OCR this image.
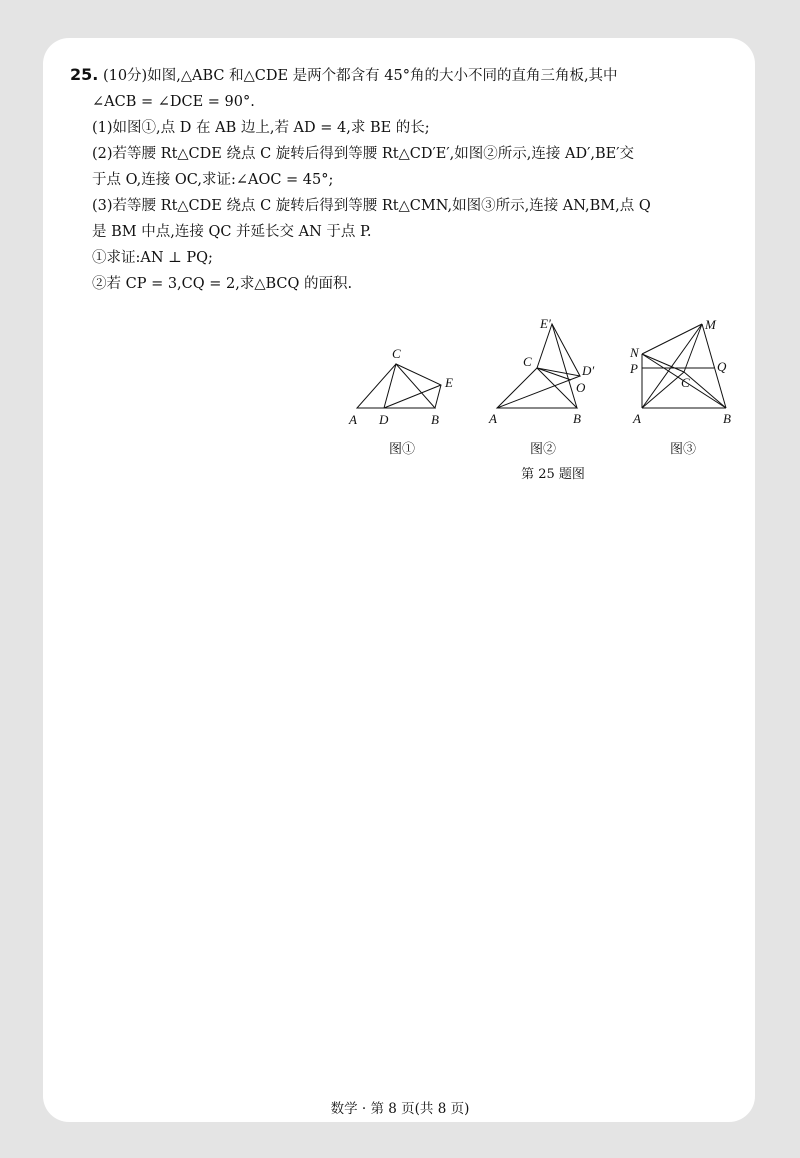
25. (10分)如图,△ABC 和△CDE 是两个都含有 45°角的大小不同的直角三角板,其中
∠ACB = ∠DCE = 90°.
(1)如图①,点 D 在 AB 边上,若 AD = 4,求 BE 的长;
(2)若等腰 Rt△CDE 绕点 C 旋转后得到等腰 Rt△CD′E′,如图②所示,连接 AD′,BE′交
于点 O,连接 OC,求证:∠AOC = 45°;
(3)若等腰 Rt△CDE 绕点 C 旋转后得到等腰 Rt△CMN,如图③所示,连接 AN,BM,点 Q
是 BM 中点,连接 QC 并延长交 AN 于点 P.
①求证:AN ⊥ PQ;
②若 CP = 3,CQ = 2,求△BCQ 的面积.
A D	B
C
E
A	B
C
E′
D′
O
A	B
C
M
N
P	Q
图①	图②	图③
第 25 题图
数学 · 第 8 页(共 8 页)
